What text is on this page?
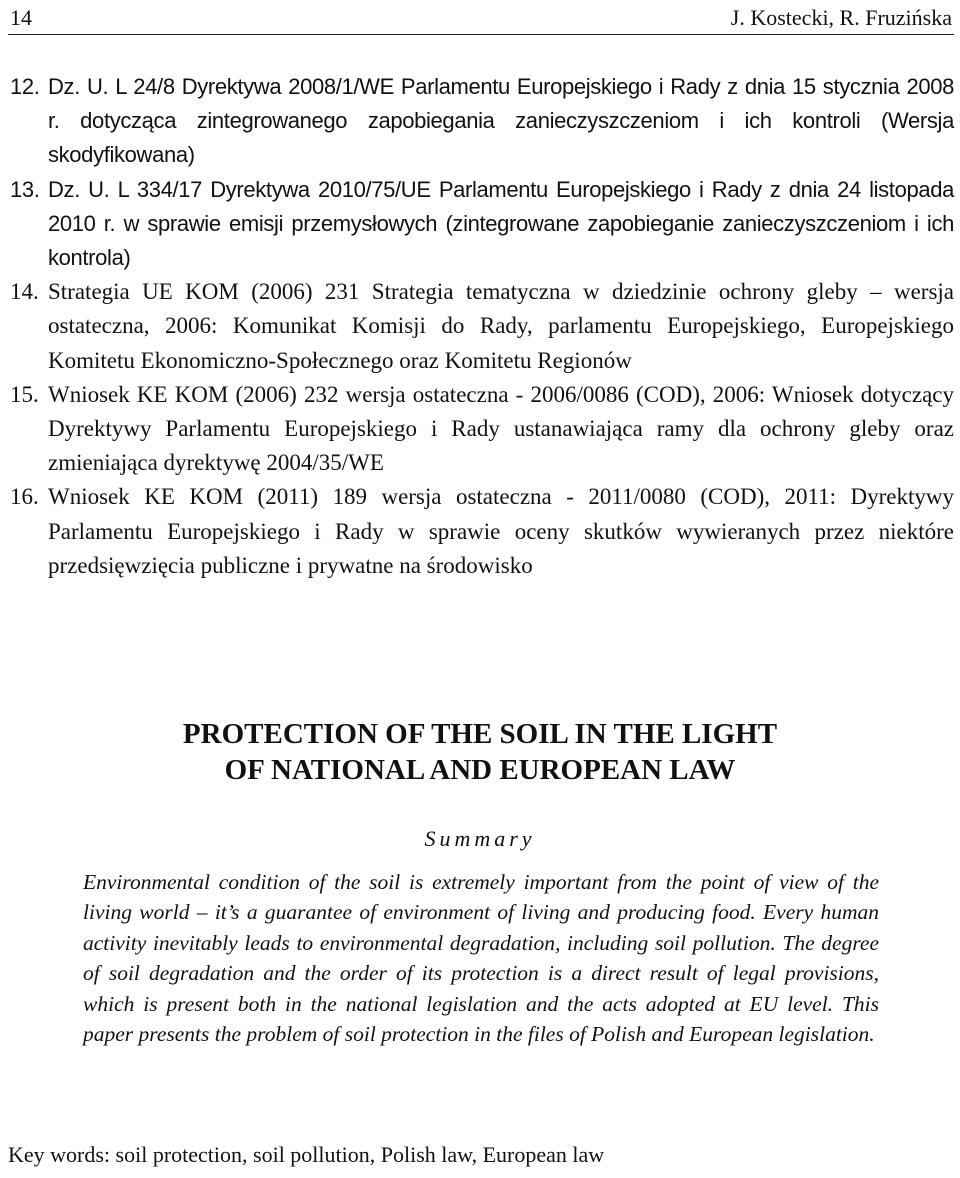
14	J. Kostecki, R. Fruzińska
12. Dz. U. L 24/8 Dyrektywa 2008/1/WE Parlamentu Europejskiego i Rady z dnia 15 stycznia 2008 r. dotycząca zintegrowanego zapobiegania zanieczyszczeniom i ich kontroli (Wersja skodyfikowana)
13. Dz. U. L 334/17 Dyrektywa 2010/75/UE Parlamentu Europejskiego i Rady z dnia 24 listopada 2010 r. w sprawie emisji przemysłowych (zintegrowane zapobieganie zanieczyszczeniom i ich kontrola)
14. Strategia UE KOM (2006) 231 Strategia tematyczna w dziedzinie ochrony gleby – wersja ostateczna, 2006: Komunikat Komisji do Rady, parlamentu Europejskiego, Europejskiego Komitetu Ekonomiczno-Społecznego oraz Komitetu Regionów
15. Wniosek KE KOM (2006) 232 wersja ostateczna - 2006/0086 (COD), 2006: Wniosek dotyczący Dyrektywy Parlamentu Europejskiego i Rady ustanawiająca ramy dla ochrony gleby oraz zmieniająca dyrektywę 2004/35/WE
16. Wniosek KE KOM (2011) 189 wersja ostateczna - 2011/0080 (COD), 2011: Dyrektywy Parlamentu Europejskiego i Rady w sprawie oceny skutków wywieranych przez niektóre przedsięwzięcia publiczne i prywatne na środowisko
PROTECTION OF THE SOIL IN THE LIGHT
OF NATIONAL AND EUROPEAN LAW
Summary
Environmental condition of the soil is extremely important from the point of view of the living world – it’s a guarantee of environment of living and producing food. Every human activity inevitably leads to environmental degradation, including soil pollution. The degree of soil degradation and the order of its protection is a direct result of legal provisions, which is present both in the national legislation and the acts adopted at EU level. This paper presents the problem of soil protection in the files of Polish and European legislation.
Key words: soil protection, soil pollution, Polish law, European law
